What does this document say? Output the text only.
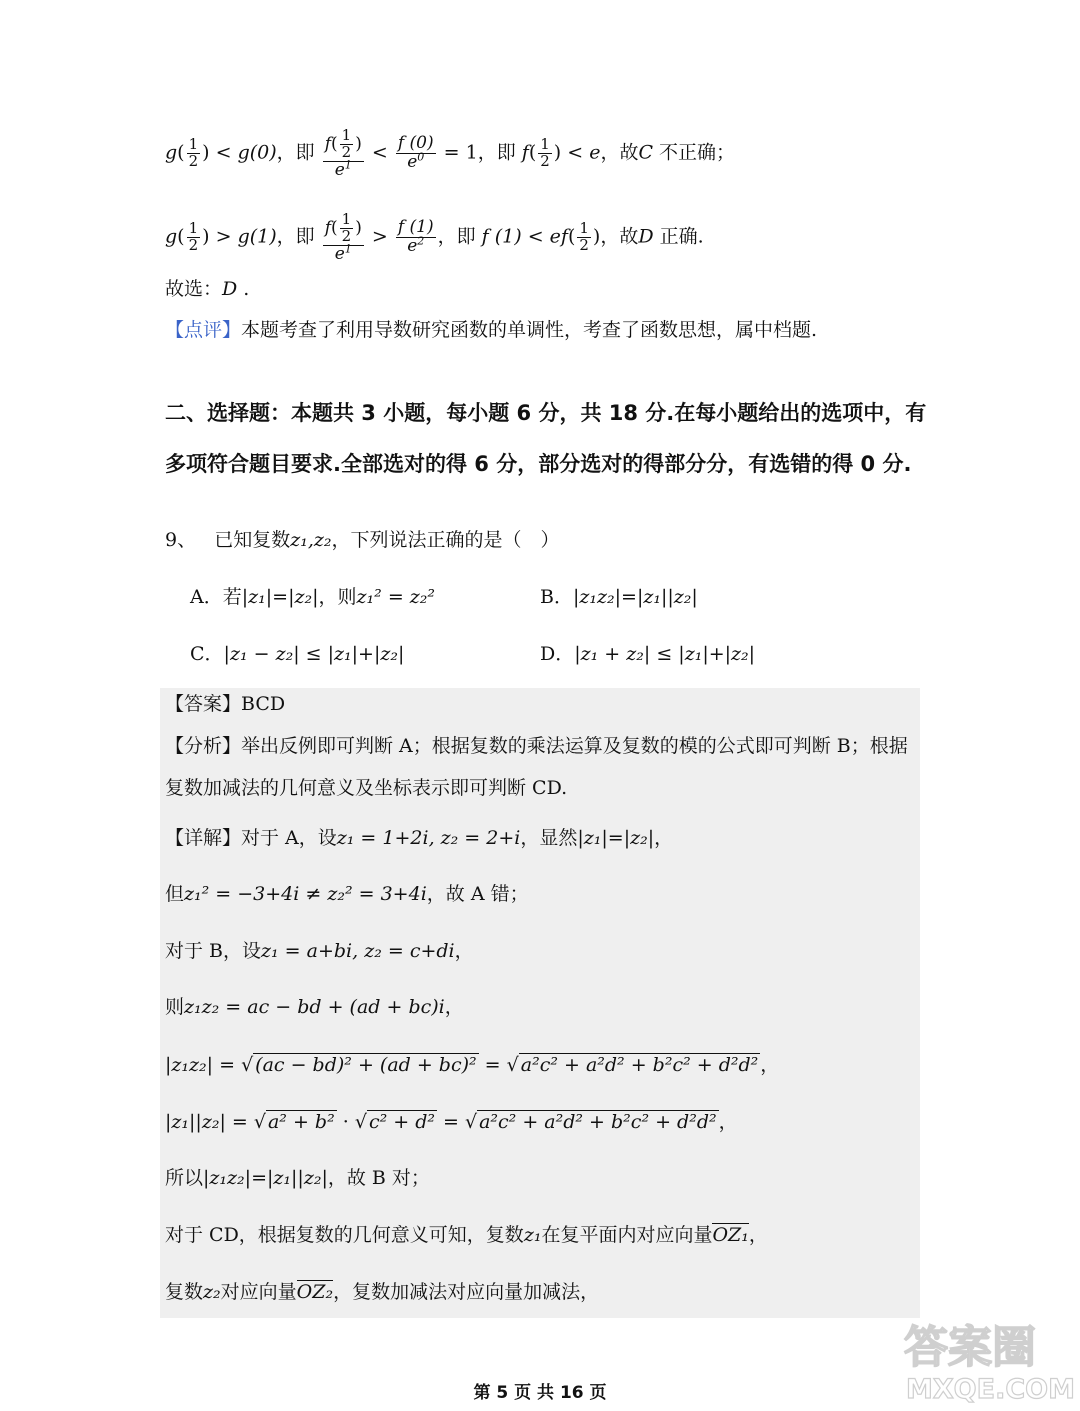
$g( \frac{1}{2}$ ) < g(0)，即 $\frac{f( \frac{1}{2} )}{e^1} < \frac{f (0)}{e^0} = 1$，即 $f( \frac{1}{2}$ ) < e，故C 不正确；
$g( \frac{1}{2}$ ) > g(1)，即 $\frac{f( \frac{1}{2} )}{e^1} > \frac{f (1)}{e^2}$ ，即 f $(1) < ef( \frac{1}{2}$ )，故D 正确.
故选：D .
【点评】本题考查了利用导数研究函数的单调性，考查了函数思想，属中档题.
二、选择题：本题共 3 小题，每小题 6 分，共 18 分.在每小题给出的选项中，有
多项符合题目要求.全部选对的得 6 分，部分选对的得部分分，有选错的得 0 分.
9、 已知复数z₁,z₂，下列说法正确的是（　）
A．若|z₁|=|z₂|，则z₁² = z₂²	B．|z₁z₂|=|z₁||z₂|
C．|z₁ − z₂| ≤ |z₁|+|z₂|	D．|z₁ + z₂| ≤ |z₁|+|z₂|
【答案】BCD
【分析】举出反例即可判断 A；根据复数的乘法运算及复数的模的公式即可判断 B；根据
复数加减法的几何意义及坐标表示即可判断 CD.
【详解】对于 A，设z₁ = 1+2i, z₂ = 2+i，显然|z₁|=|z₂|，
但z₁² = −3+4i ≠ z₂² = 3+4i，故 A 错；
对于 B，设z₁ = a+bi, z₂ = c+di，
则z₁z₂ = ac − bd + (ad + bc)i，
|z₁z₂| = √ (ac − bd)² + (ad + bc)² = √ a²c² + a²d² + b²c² + d²d² ，
|z₁||z₂| = √ a² + b² · √ c² + d² = √ a²c² + a²d² + b²c² + d²d² ，
所以|z₁z₂|=|z₁||z₂|，故 B 对；
对于 CD，根据复数的几何意义可知，复数z₁在复平面内对应向量OZ₁，
复数z₂对应向量OZ₂，复数加减法对应向量加减法，
第 5 页 共 16 页
答案圈
MXQE.COM
